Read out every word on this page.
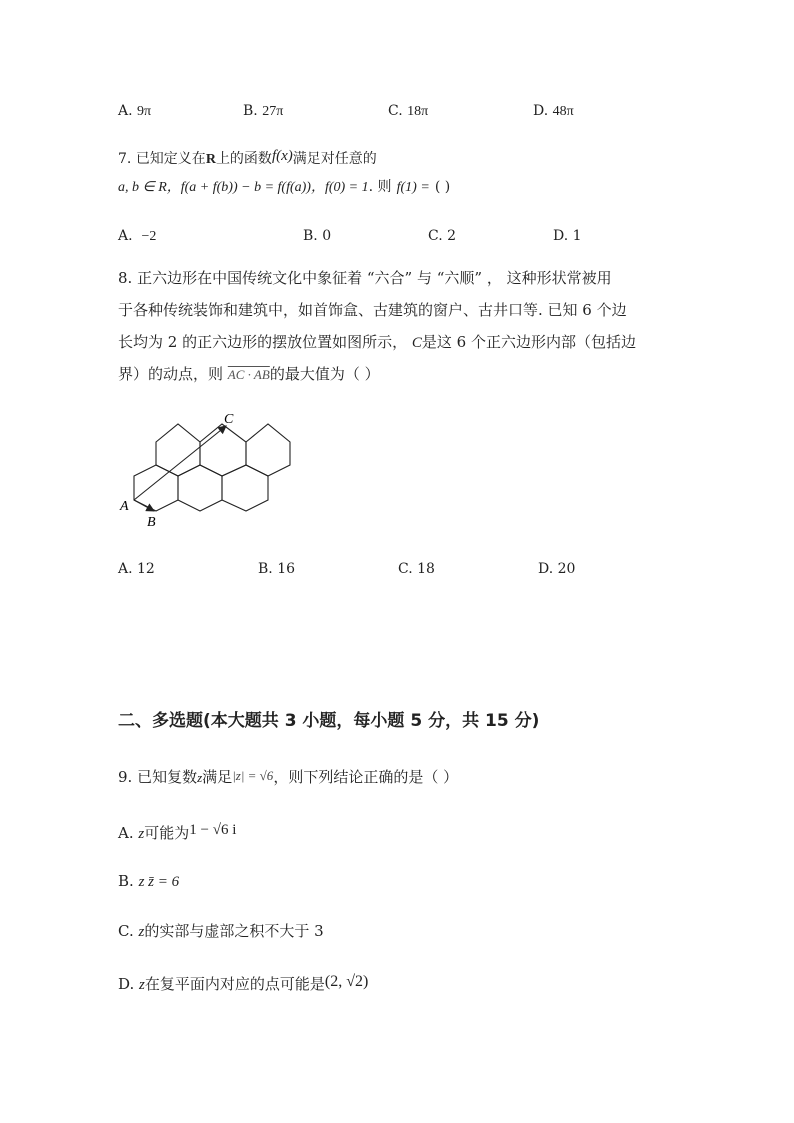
A. 9π	B. 27π	C. 18π	D. 48π
7. 已知定义在R上的函数f(x)满足对任意的
a, b ∈ R，f(a + f(b)) − b = f(f(a))，f(0) = 1. 则 f(1) = ( )
A. −2	B. 0	C. 2	D. 1
8. 正六边形在中国传统文化中象征着 “六合” 与 “六顺” ， 这种形状常被用
于各种传统装饰和建筑中，如首饰盒、古建筑的窗户、古井口等. 已知 6 个边
长均为 2 的正六边形的摆放位置如图所示， C是这 6 个正六边形内部（包括边
界）的动点，则 AC · AB的最大值为（ ）
A
B
C
A. 12	B. 16	C. 18	D. 20
二、多选题(本大题共 3 小题，每小题 5 分，共 15 分)
9. 已知复数z满足|z| = √6，则下列结论正确的是（ ）
A. z可能为1 − √6 i
B. z z̄ = 6
C. z的实部与虚部之积不大于 3
D. z在复平面内对应的点可能是(2, √2)
